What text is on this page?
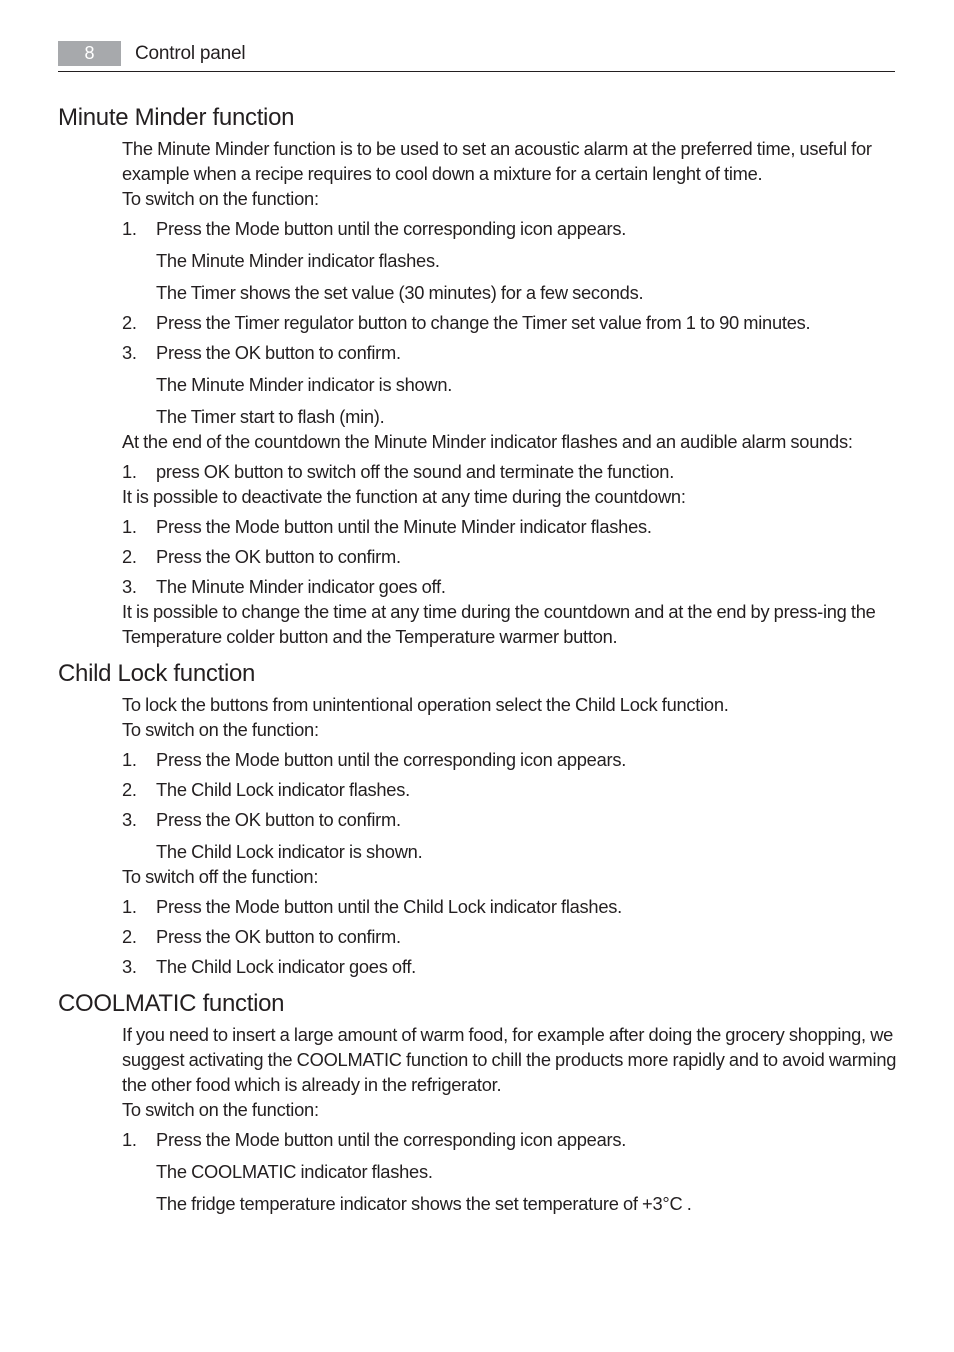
8	Control panel
Minute Minder function

The Minute Minder function is to be used to set an acoustic alarm at the preferred time, useful for example when a recipe requires to cool down a mixture for a certain lenght of time.

To switch on the function:

1.	Press the Mode button until the corresponding icon appears.
The Minute Minder indicator flashes.
The Timer shows the set value (30 minutes) for a few seconds.
2.	Press the Timer regulator button to change the Timer set value from 1 to 90 minutes.
3.	Press the OK button to confirm.
The Minute Minder indicator is shown.
The Timer start to flash (min).

At the end of the countdown the Minute Minder indicator flashes and an audible alarm sounds:

1.	press OK button to switch off the sound and terminate the function.

It is possible to deactivate the function at any time during the countdown:

1.	Press the Mode button until the Minute Minder indicator flashes.
2.	Press the OK button to confirm.
3.	The Minute Minder indicator goes off.

It is possible to change the time at any time during the countdown and at the end by press-ing the Temperature colder button and the Temperature warmer button.

Child Lock function

To lock the buttons from unintentional operation select the Child Lock function.

To switch on the function:

1.	Press the Mode button until the corresponding icon appears.
2.	The Child Lock indicator flashes.
3.	Press the OK button to confirm.
The Child Lock indicator is shown.

To switch off the function:

1.	Press the Mode button until the Child Lock indicator flashes.
2.	Press the OK button to confirm.
3.	The Child Lock indicator goes off.
COOLMATIC function

If you need to insert a large amount of warm food, for example after doing the grocery shopping, we suggest activating the COOLMATIC function to chill the products more rapidly and to avoid warming the other food which is already in the refrigerator.

To switch on the function:

1.	Press the Mode button until the corresponding icon appears.
The COOLMATIC indicator flashes.
The fridge temperature indicator shows the set temperature of +3°C .
